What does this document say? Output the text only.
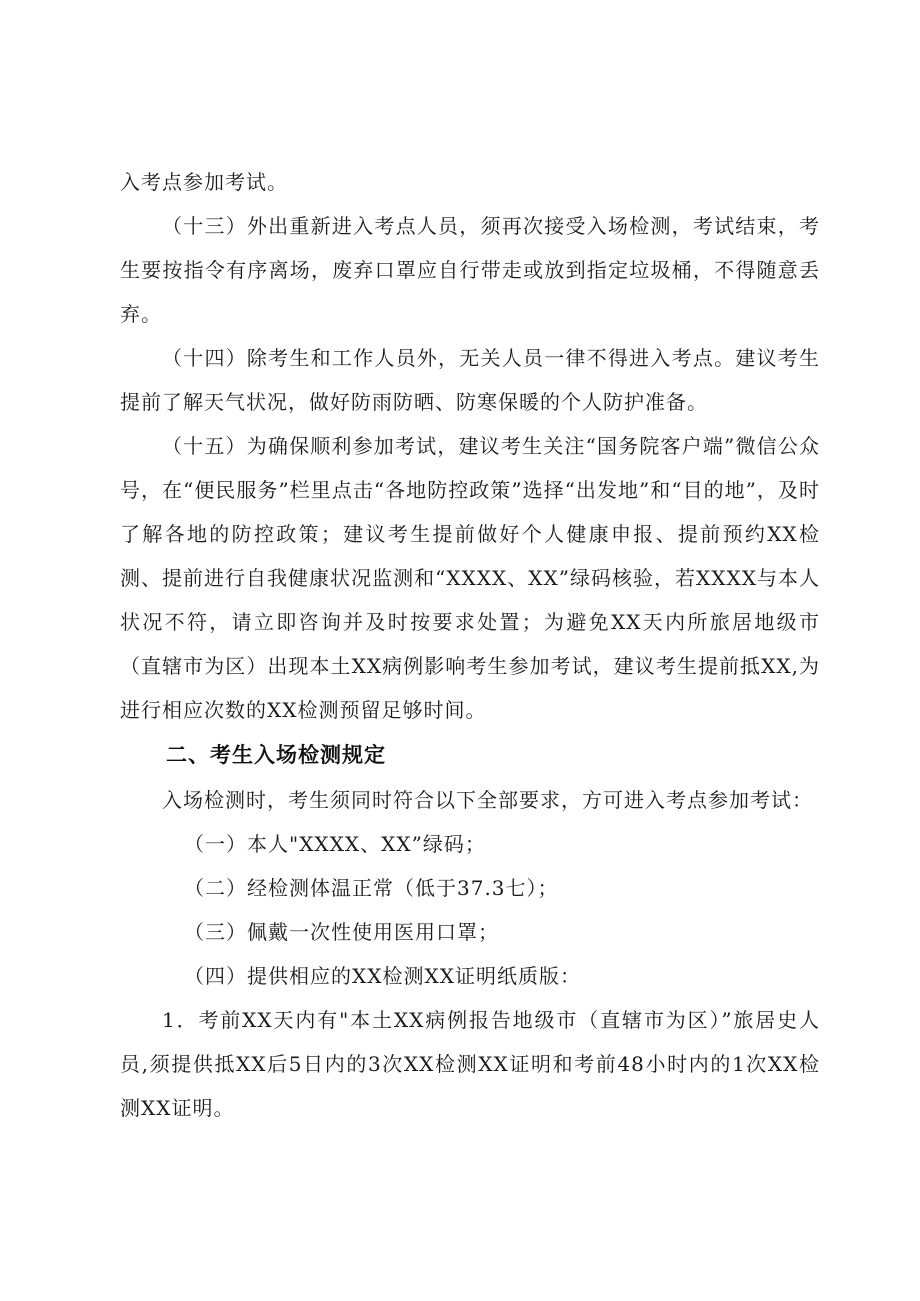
入考点参加考试。

（十三）外出重新进入考点人员，须再次接受入场检测，考试结束，考生要按指令有序离场，废弃口罩应自行带走或放到指定垃圾桶，不得随意丢弃。

（十四）除考生和工作人员外，无关人员一律不得进入考点。建议考生提前了解天气状况，做好防雨防晒、防寒保暖的个人防护准备。

（十五）为确保顺利参加考试，建议考生关注“国务院客户端”微信公众号，在“便民服务”栏里点击“各地防控政策”选择“出发地”和“目的地”，及时了解各地的防控政策；建议考生提前做好个人健康申报、提前预约XX检测、提前进行自我健康状况监测和“XXXX、XX”绿码核验，若XXXX与本人状况不符，请立即咨询并及时按要求处置；为避免XX天内所旅居地级市（直辖市为区）出现本土XX病例影响考生参加考试，建议考生提前抵XX,为进行相应次数的XX检测预留足够时间。

二、考生入场检测规定

入场检测时，考生须同时符合以下全部要求，方可进入考点参加考试：

（一）本人"XXXX、XX”绿码；

（二）经检测体温正常（低于37.3七）；

（三）佩戴一次性使用医用口罩；

（四）提供相应的XX检测XX证明纸质版：

1．考前XX天内有"本土XX病例报告地级市（直辖市为区）”旅居史人员,须提供抵XX后5日内的3次XX检测XX证明和考前48小时内的1次XX检测XX证明。
